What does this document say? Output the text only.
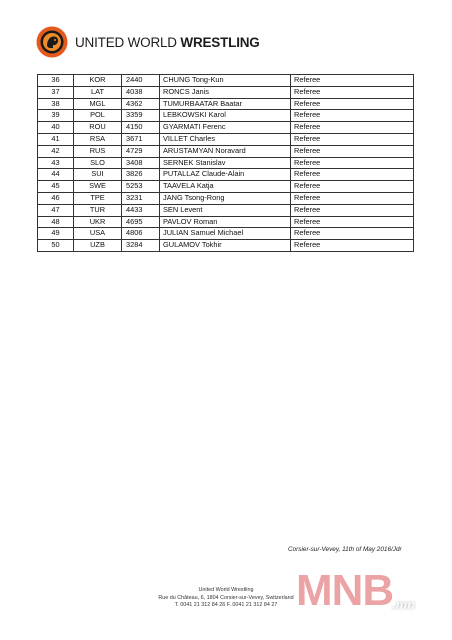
UNITED WORLD WRESTLING
36	KOR	2440	CHUNG Tong-Kun	Referee
37	LAT	4038	RONCS Janis	Referee
38	MGL	4362	TUMURBAATAR Baatar	Referee
39	POL	3359	LEBKOWSKI Karol	Referee
40	ROU	4150	GYARMATI Ferenc	Referee
41	RSA	3671	VILLET Charles	Referee
42	RUS	4729	ARUSTAMYAN Noravard	Referee
43	SLO	3408	SERNEK Stanislav	Referee
44	SUI	3826	PUTALLAZ Claude-Alain	Referee
45	SWE	5253	TAAVELA Katja	Referee
46	TPE	3231	JANG Tsong-Rong	Referee
47	TUR	4433	SEN Levent	Referee
48	UKR	4695	PAVLOV Roman	Referee
49	USA	4806	JULIAN Samuel Michael	Referee
50	UZB	3284	GULAMOV Tokhir	Referee
Corsier-sur-Vevey, 11th of May 2016/Jdr
United World Wrestling
Rue du Château, 6, 1804 Corsier-sur-Vevey, Switzerland
T. 0041 21 312 84 26 F. 0041 21 312 84 27 MNB
.mn
